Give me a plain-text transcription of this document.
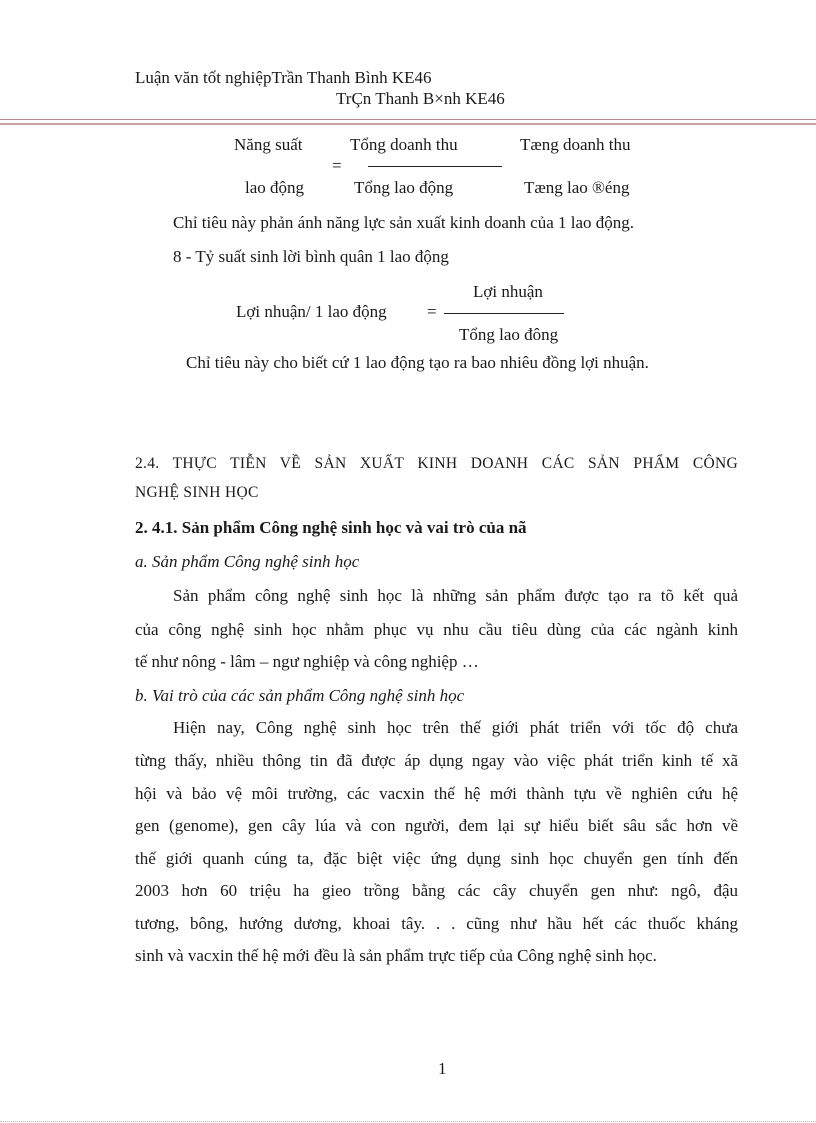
Luận văn tốt nghiệpTrần Thanh Bình KE46
TrÇn Thanh B×nh KE46
Năng suất
lao động
=
Tổng doanh thu
Tổng lao động
Tæng doanh thu
Tæng lao ®éng
Chỉ tiêu này phản ánh năng lực sản xuất kinh doanh của 1 lao động.
8 - Tỷ suất sinh lời bình quân 1 lao động
Lợi nhuận/ 1 lao động =
Lợi nhuận
Tổng lao đông
Chỉ tiêu này cho biết cứ 1 lao động tạo ra bao nhiêu đồng lợi nhuận.
2.4. THỰC TIỄN VỀ SẢN XUẤT KINH DOANH CÁC SẢN PHẨM CÔNG
NGHỆ SINH HỌC
2. 4.1. Sản phẩm Công nghệ sinh học và vai trò của nã
a. Sản phẩm Công nghệ sinh học
Sản phẩm công nghệ sinh học là những sản phẩm được tạo ra tõ kết quả
của công nghệ sinh học nhằm phục vụ nhu cầu tiêu dùng của các ngành kinh
tế như nông - lâm – ngư nghiệp và công nghiệp …
b. Vai trò của các sản phẩm Công nghệ sinh học
Hiện nay, Công nghệ sinh học trên thế giới phát triển với tốc độ chưa
từng thấy, nhiều thông tin đã được áp dụng ngay vào việc phát triển kinh tế xã
hội và bảo vệ môi trường, các vacxin thế hệ mới thành tựu về nghiên cứu hệ
gen (genome), gen cây lúa và con người, đem lại sự hiểu biết sâu sắc hơn về
thế giới quanh cúng ta, đặc biệt việc ứng dụng sinh học chuyển gen tính đến
2003 hơn 60 triệu ha gieo trồng bằng các cây chuyển gen như: ngô, đậu
tương, bông, hướng dương, khoai tây. . . cũng như hầu hết các thuốc kháng
sinh và vacxin thế hệ mới đều là sản phẩm trực tiếp của Công nghệ sinh học.
1
